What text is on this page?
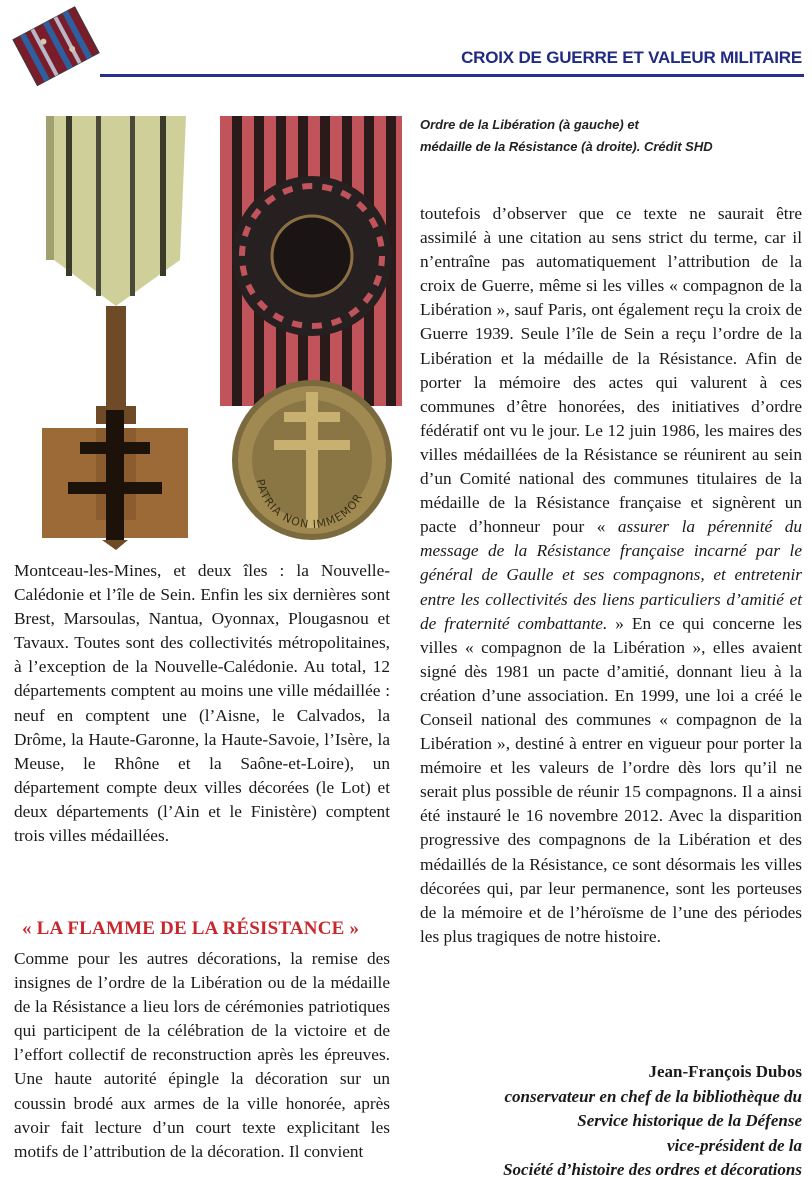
CROIX DE GUERRE ET VALEUR MILITAIRE
PATRIA NON IMMEMOR
Ordre de la Libération (à gauche) et
médaille de la Résistance (à droite). Crédit SHD

Montceau-les-Mines, et deux îles : la Nouvelle-Calédonie et l’île de Sein. Enfin les six dernières sont Brest, Marsoulas, Nantua, Oyonnax, Plougasnou et Tavaux. Toutes sont des collectivités métropolitaines, à l’exception de la Nouvelle-Calédonie. Au total, 12 départements comptent au moins une ville médaillée : neuf en comptent une (l’Aisne, le Calvados, la Drôme, la Haute-Garonne, la Haute-Savoie, l’Isère, la Meuse, le Rhône et la Saône-et-Loire), un département compte deux villes décorées (le Lot) et deux départements (l’Ain et le Finistère) comptent trois villes médaillées.

« LA FLAMME DE LA RÉSISTANCE »

Comme pour les autres décorations, la remise des insignes de l’ordre de la Libération ou de la médaille de la Résistance a lieu lors de cérémonies patriotiques qui participent de la célébration de la victoire et de l’effort collectif de reconstruction après les épreuves. Une haute autorité épingle la décoration sur un coussin brodé aux armes de la ville honorée, après avoir fait lecture d’un court texte explicitant les motifs de l’attribution de la décoration. Il convient

toutefois d’observer que ce texte ne saurait être assimilé à une citation au sens strict du terme, car il n’entraîne pas automatiquement l’attribution de la croix de Guerre, même si les villes « compagnon de la Libération », sauf Paris, ont également reçu la croix de Guerre 1939. Seule l’île de Sein a reçu l’ordre de la Libération et la médaille de la Résistance. Afin de porter la mémoire des actes qui valurent à ces communes d’être honorées, des initiatives d’ordre fédératif ont vu le jour. Le 12 juin 1986, les maires des villes médaillées de la Résistance se réunirent au sein d’un Comité national des communes titulaires de la médaille de la Résistance française et signèrent un pacte d’honneur pour « assurer la pérennité du message de la Résistance française incarné par le général de Gaulle et ses compagnons, et entretenir entre les collectivités des liens particuliers d’amitié et de fraternité combattante. » En ce qui concerne les villes « compagnon de la Libération », elles avaient signé dès 1981 un pacte d’amitié, donnant lieu à la création d’une association. En 1999, une loi a créé le Conseil national des communes « compagnon de la Libération », destiné à entrer en vigueur pour porter la mémoire et les valeurs de l’ordre dès lors qu’il ne serait plus possible de réunir 15 compagnons. Il a ainsi été instauré le 16 novembre 2012. Avec la disparition progressive des compagnons de la Libération et des médaillés de la Résistance, ce sont désormais les villes décorées qui, par leur permanence, sont les porteuses de la mémoire et de l’héroïsme de l’une des périodes les plus tragiques de notre histoire.

Jean-François Dubos
conservateur en chef de la bibliothèque du
Service historique de la Défense
vice-président de la
Société d’histoire des ordres et décorations
